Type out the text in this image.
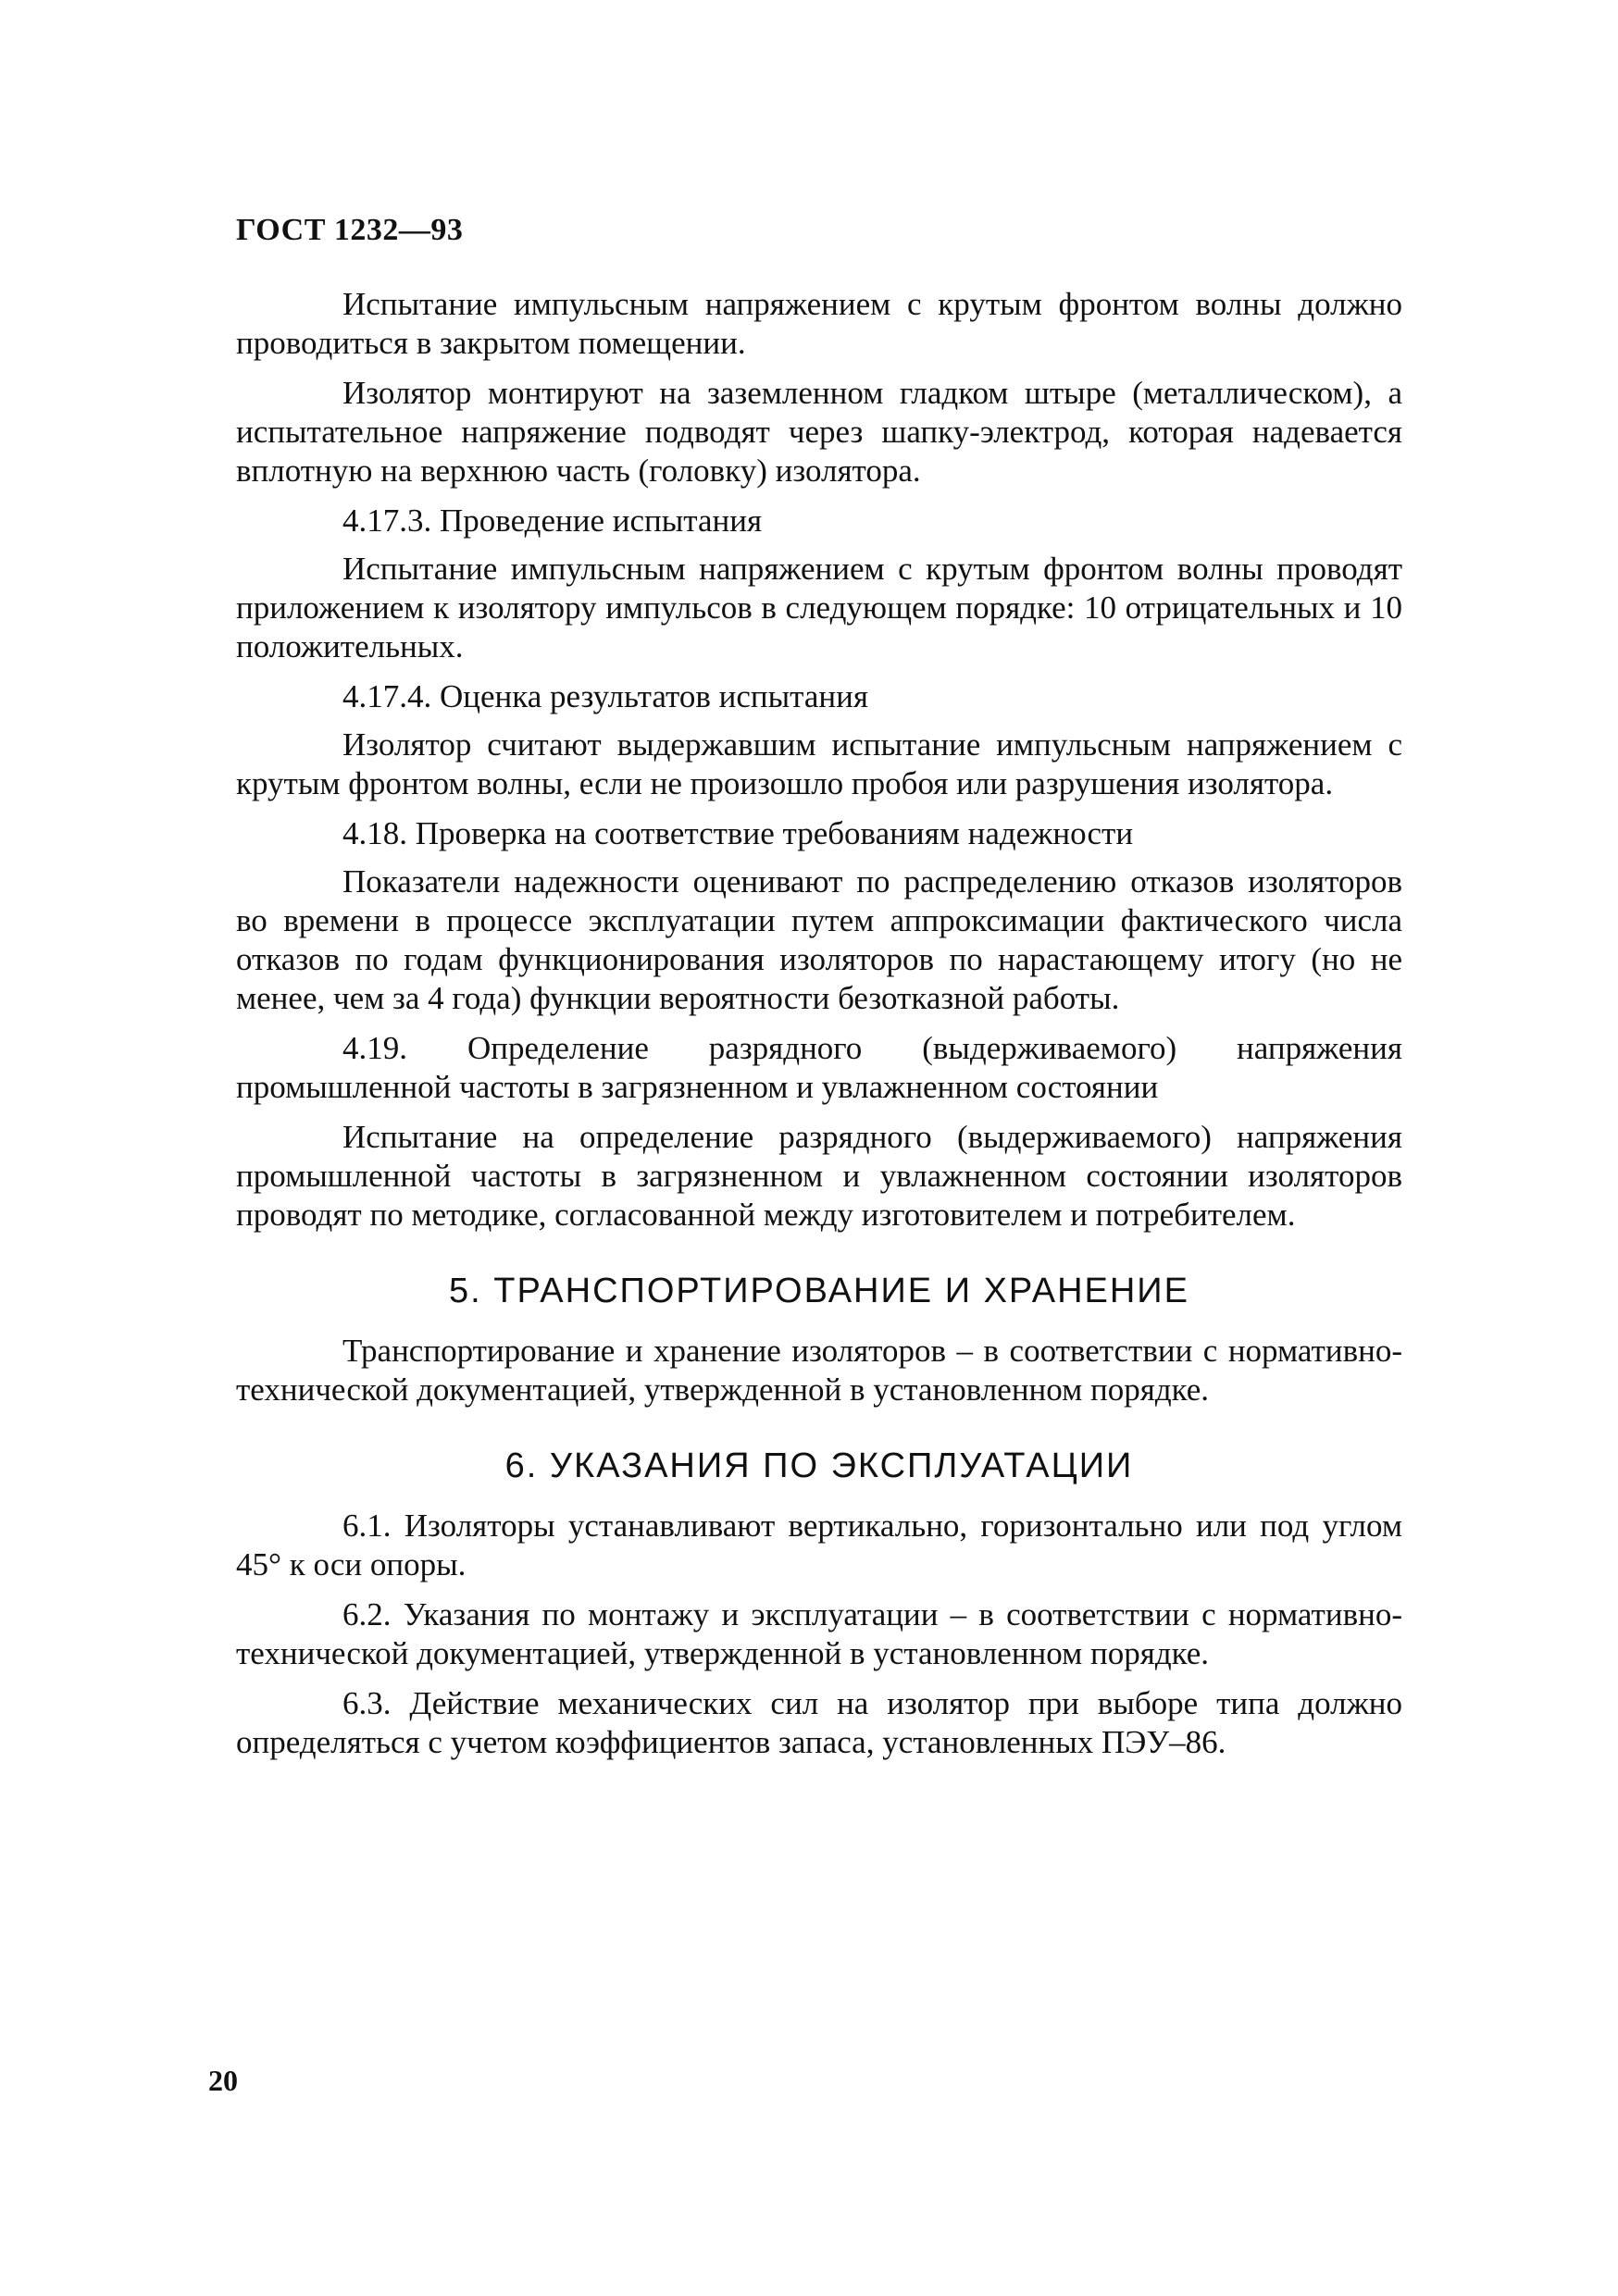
ГОСТ 1232—93

Испытание импульсным напряжением с крутым фронтом волны должно проводиться в закрытом помещении.

Изолятор монтируют на заземленном гладком штыре (металлическом), а испытательное напряжение подводят через шапку-электрод, которая надевается вплотную на верхнюю часть (головку) изолятора.

4.17.3. Проведение испытания

Испытание импульсным напряжением с крутым фронтом волны проводят приложением к изолятору импульсов в следующем порядке: 10 отрицательных и 10 положительных.

4.17.4. Оценка результатов испытания

Изолятор считают выдержавшим испытание импульсным напряжением с крутым фронтом волны, если не произошло пробоя или разрушения изолятора.

4.18. Проверка на соответствие требованиям надежности

Показатели надежности оценивают по распределению отказов изоляторов во времени в процессе эксплуатации путем аппроксимации фактического числа отказов по годам функционирования изоляторов по нарастающему итогу (но не менее, чем за 4 года) функции вероятности безотказной работы.

4.19. Определение разрядного (выдерживаемого) напряжения промышленной частоты в загрязненном и увлажненном состоянии

Испытание на определение разрядного (выдерживаемого) напряжения промышленной частоты в загрязненном и увлажненном состоянии изоляторов проводят по методике, согласованной между изготовителем и потребителем.

5. ТРАНСПОРТИРОВАНИЕ И ХРАНЕНИЕ

Транспортирование и хранение изоляторов – в соответствии с нормативно-технической документацией, утвержденной в установленном порядке.

6. УКАЗАНИЯ ПО ЭКСПЛУАТАЦИИ

6.1. Изоляторы устанавливают вертикально, горизонтально или под углом 45° к оси опоры.

6.2. Указания по монтажу и эксплуатации – в соответствии с нормативно-технической документацией, утвержденной в установленном порядке.

6.3. Действие механических сил на изолятор при выборе типа должно определяться с учетом коэффициентов запаса, установленных ПЭУ–86.

20
